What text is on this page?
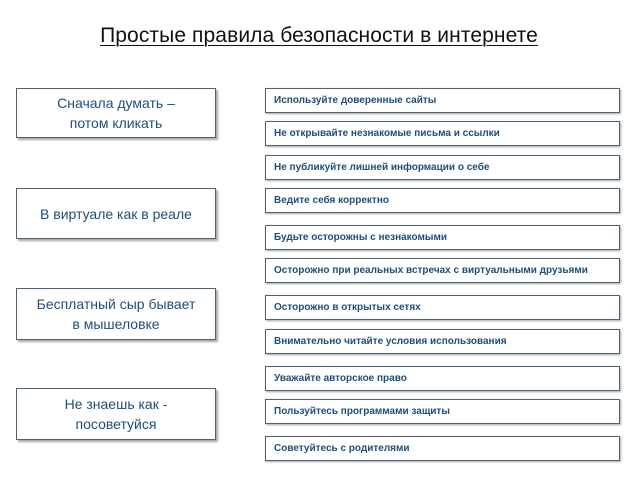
Простые правила безопасности в интернете
Сначала думать –
потом кликать
В виртуале как в реале
Бесплатный сыр бывает
в мышеловке
Не знаешь как -
посоветуйся
Используйте доверенные сайты
Не открывайте незнакомые письма и ссылки
Не публикуйте лишней информации о себе
Ведите себя корректно
Будьте осторожны с незнакомыми
Осторожно при реальных встречах с виртуальными друзьями
Осторожно в открытых сетях
Внимательно читайте условия использования
Уважайте авторское право
Пользуйтесь программами защиты
Советуйтесь с родителями
